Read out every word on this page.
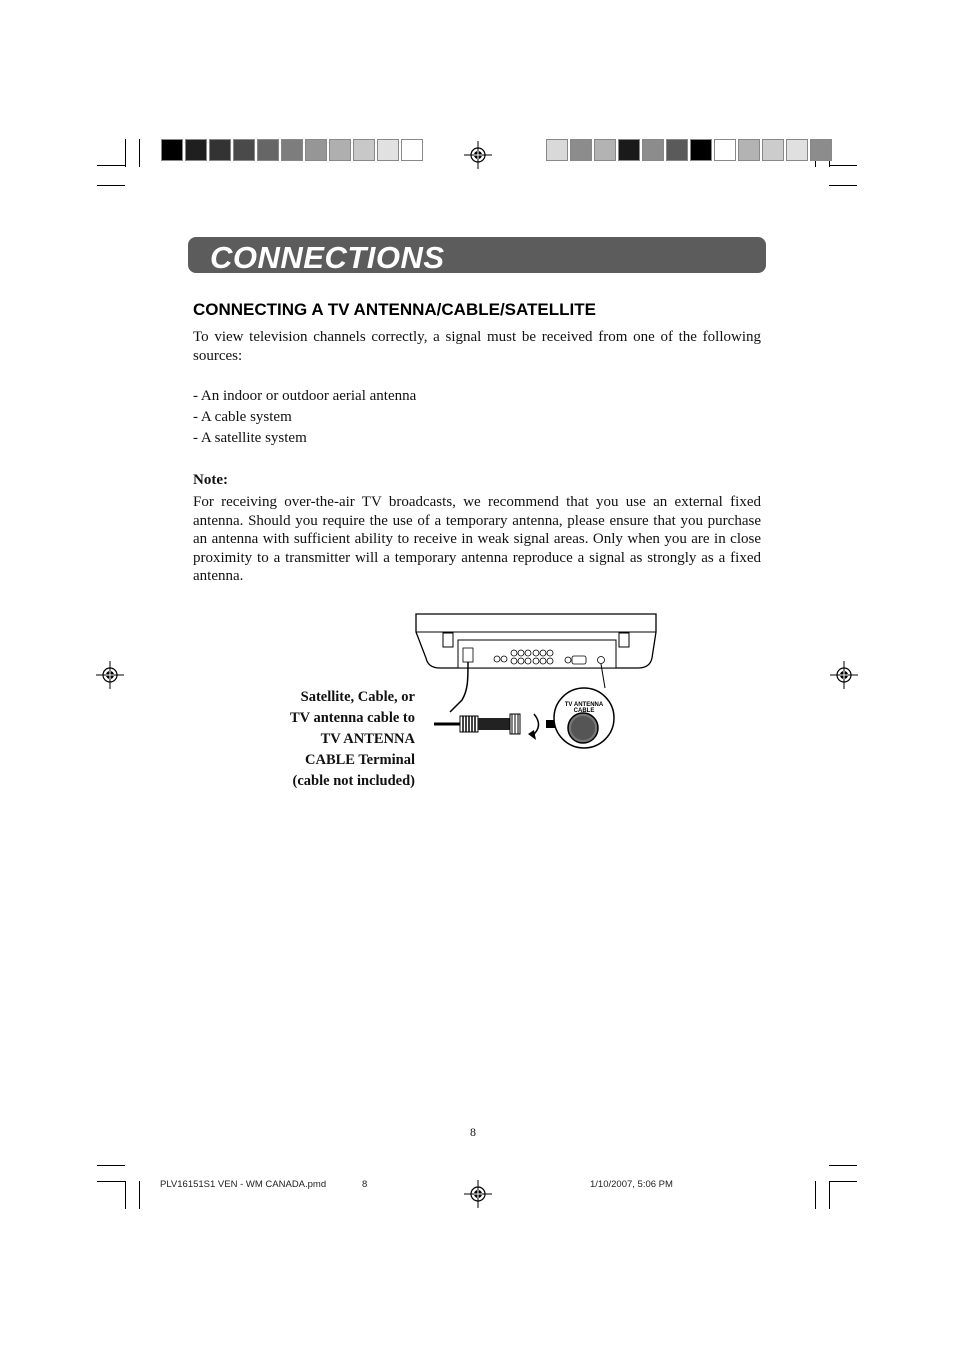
CONNECTIONS
CONNECTING A TV ANTENNA/CABLE/SATELLITE
To view television channels correctly, a signal must be received from one of the following sources:
- An indoor or outdoor aerial antenna
- A cable system
- A satellite system
Note:
For receiving over-the-air TV broadcasts, we recommend that you use an external fixed antenna. Should you require the use of a temporary antenna, please ensure that you purchase an antenna with sufficient ability to receive in weak signal areas. Only when you are in close proximity to a transmitter will a temporary antenna reproduce a signal as strongly as a fixed antenna.
Satellite, Cable, or
TV antenna cable to
TV ANTENNA
CABLE Terminal
(cable not included)
TV ANTENNA
CABLE
8
PLV16151S1 VEN - WM CANADA.pmd	8	1/10/2007, 5:06 PM
